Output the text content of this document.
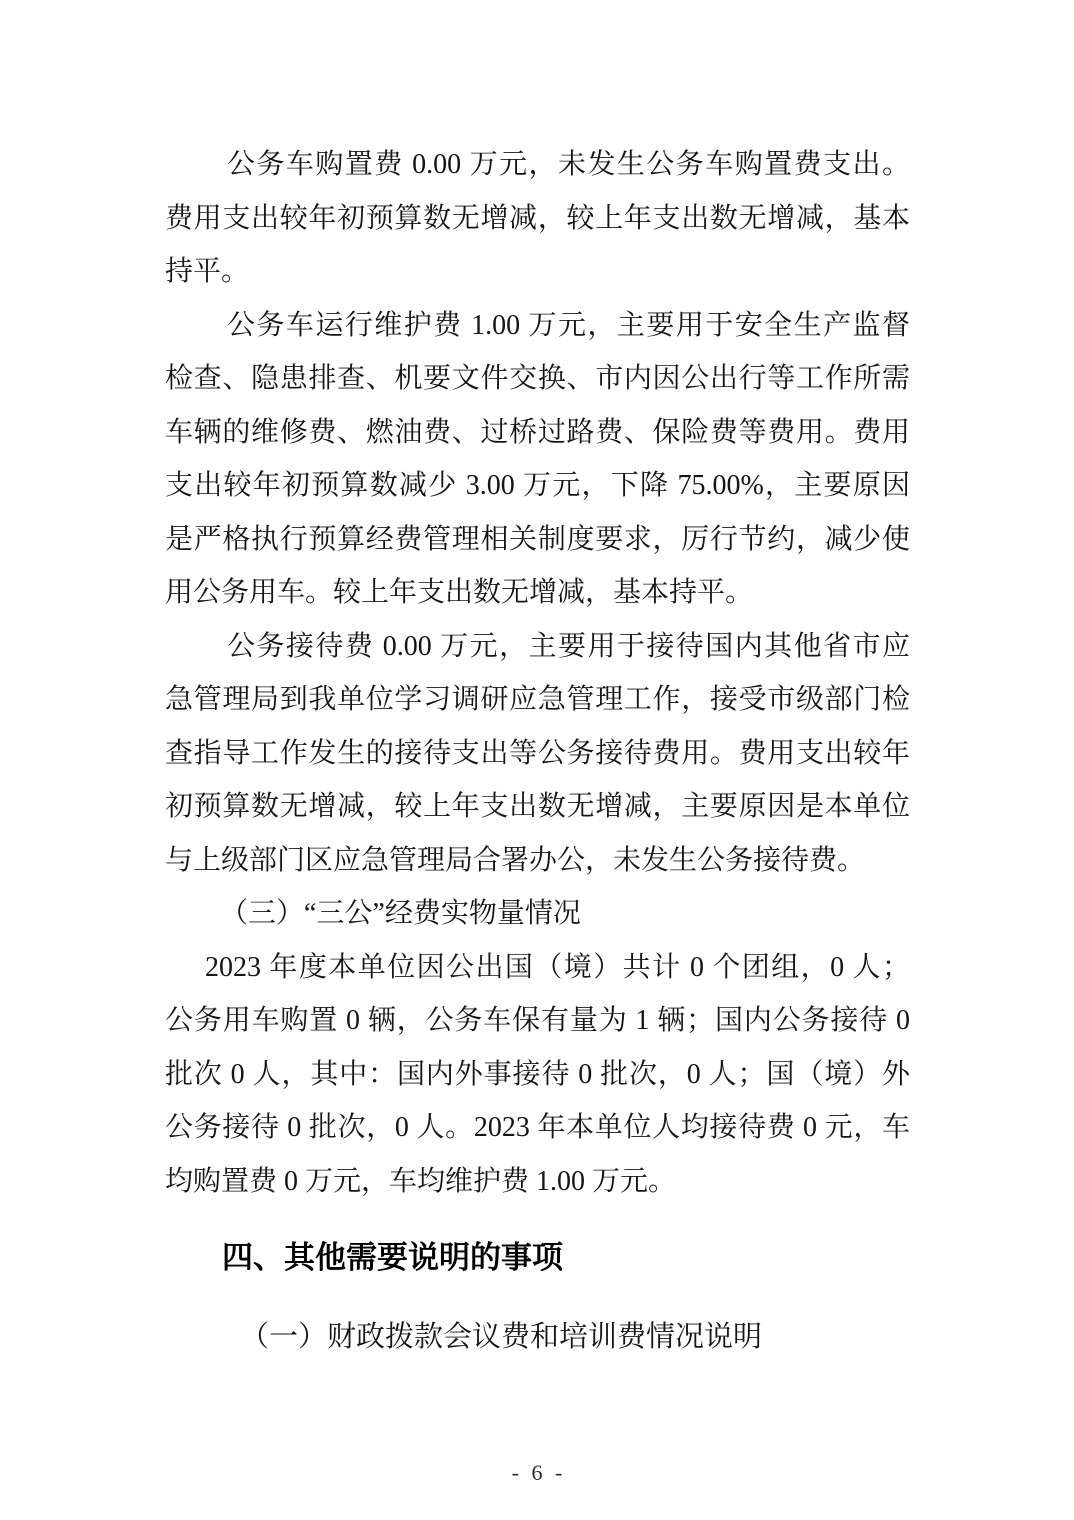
公务车购置费 0.00 万元，未发生公务车购置费支出。
费用支出较年初预算数无增减，较上年支出数无增减，基本
持平。
公务车运行维护费 1.00 万元，主要用于安全生产监督
检查、隐患排查、机要文件交换、市内因公出行等工作所需
车辆的维修费、燃油费、过桥过路费、保险费等费用。费用
支出较年初预算数减少 3.00 万元，下降 75.00%，主要原因
是严格执行预算经费管理相关制度要求，厉行节约，减少使
用公务用车。较上年支出数无增减，基本持平。
公务接待费 0.00 万元，主要用于接待国内其他省市应
急管理局到我单位学习调研应急管理工作，接受市级部门检
查指导工作发生的接待支出等公务接待费用。费用支出较年
初预算数无增减，较上年支出数无增减，主要原因是本单位
与上级部门区应急管理局合署办公，未发生公务接待费。
（三）“三公”经费实物量情况
2023 年度本单位因公出国（境）共计 0 个团组，0 人；
公务用车购置 0 辆，公务车保有量为 1 辆；国内公务接待 0
批次 0 人，其中：国内外事接待 0 批次，0 人；国（境）外
公务接待 0 批次，0 人。2023 年本单位人均接待费 0 元，车
均购置费 0 万元，车均维护费 1.00 万元。
四、其他需要说明的事项
（一）财政拨款会议费和培训费情况说明
- 6 -
